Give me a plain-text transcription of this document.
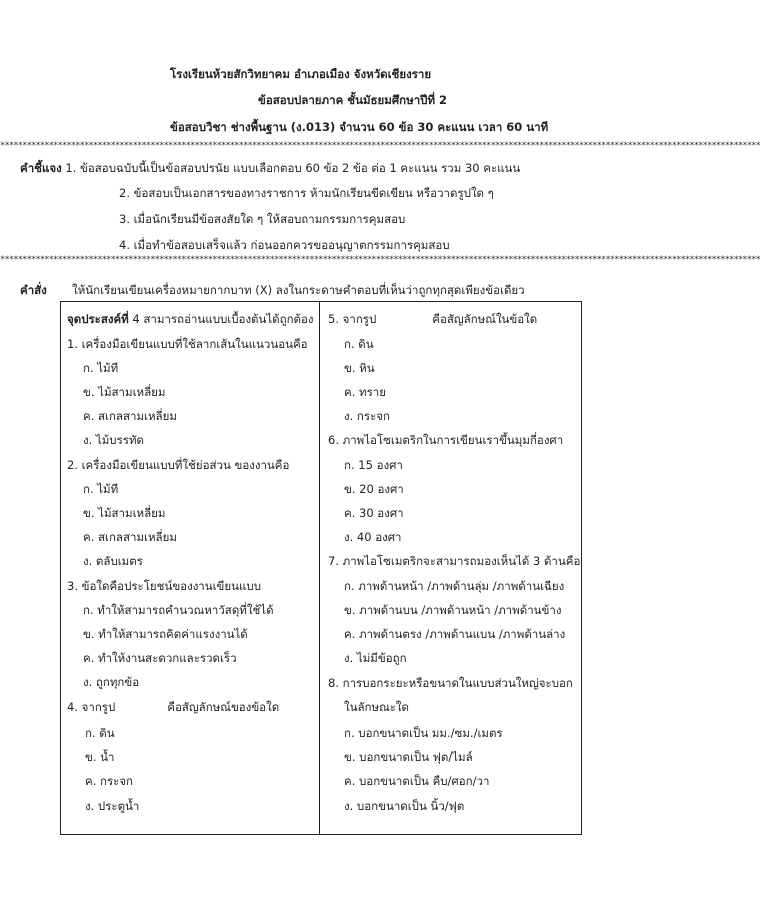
โรงเรียนห้วยสักวิทยาคม อำเภอเมือง จังหวัดเชียงราย
ข้อสอบปลายภาค ชั้นมัธยมศึกษาปีที่ 2
ข้อสอบวิชา ช่างพื้นฐาน (ง.013) จำนวน 60 ข้อ 30 คะแนน เวลา 60 นาที
****************************************************************************************************************************************************************************
คำชี้แจง 1. ข้อสอบฉบับนี้เป็นข้อสอบปรนัย แบบเลือกตอบ 60 ข้อ 2 ข้อ ต่อ 1 คะแนน รวม 30 คะแนน
2. ข้อสอบเป็นเอกสารของทางราชการ ห้ามนักเรียนขีดเขียน หรือวาดรูปใด ๆ
3. เมื่อนักเรียนมีข้อสงสัยใด ๆ ให้สอบถามกรรมการคุมสอบ
4. เมื่อทำข้อสอบเสร็จแล้ว ก่อนออกควรขออนุญาตกรรมการคุมสอบ
****************************************************************************************************************************************************************************
คำสั่ง ให้นักเรียนเขียนเครื่องหมายกากบาท (X) ลงในกระดาษคำตอบที่เห็นว่าถูกทุกสุดเพียงข้อเดียว
จุดประสงค์ที่ 4 สามารถอ่านแบบเบื้องต้นได้ถูกต้อง
1. เครื่องมือเขียนแบบที่ใช้ลากเส้นในแนวนอนคือ
ก. ไม้ที
ข. ไม้สามเหลี่ยม
ค. สเกลสามเหลี่ยม
ง. ไม้บรรทัด
2. เครื่องมือเขียนแบบที่ใช้ย่อส่วน ของงานคือ
ก. ไม้ที
ข. ไม้สามเหลี่ยม
ค. สเกลสามเหลี่ยม
ง. ตลับเมตร
3. ข้อใดคือประโยชน์ของงานเขียนแบบ
ก. ทำให้สามารถคำนวณหาวัสดุที่ใช้ได้
ข. ทำให้สามารถคิดค่าแรงงานได้
ค. ทำให้งานสะดวกและรวดเร็ว
ง. ถูกทุกข้อ
4. จากรูป	คือสัญลักษณ์ของข้อใด
ก. ดิน
ข. น้ำ
ค. กระจก
ง. ประตูน้ำ
5. จากรูป	คือสัญลักษณ์ในข้อใด
ก. ดิน
ข. หิน
ค. ทราย
ง. กระจก
6. ภาพไอโซเมตริกในการเขียนเราขึ้นมุมกี่องศา
ก. 15 องศา
ข. 20 องศา
ค. 30 องศา
ง. 40 องศา
7. ภาพไอโซเมตริกจะสามารถมองเห็นได้ 3 ด้านคือ
ก. ภาพด้านหน้า /ภาพด้านลุ่ม /ภาพด้านเฉียง
ข. ภาพด้านบน /ภาพด้านหน้า /ภาพด้านข้าง
ค. ภาพด้านตรง /ภาพด้านแบน /ภาพด้านล่าง
ง. ไม่มีข้อถูก
8. การบอกระยะหรือขนาดในแบบส่วนใหญ่จะบอก
ในลักษณะใด
ก. บอกขนาดเป็น มม./ซม./เมตร
ข. บอกขนาดเป็น ฟุต/ไมล์
ค. บอกขนาดเป็น คืบ/ศอก/วา
ง. บอกขนาดเป็น นิ้ว/ฟุต
